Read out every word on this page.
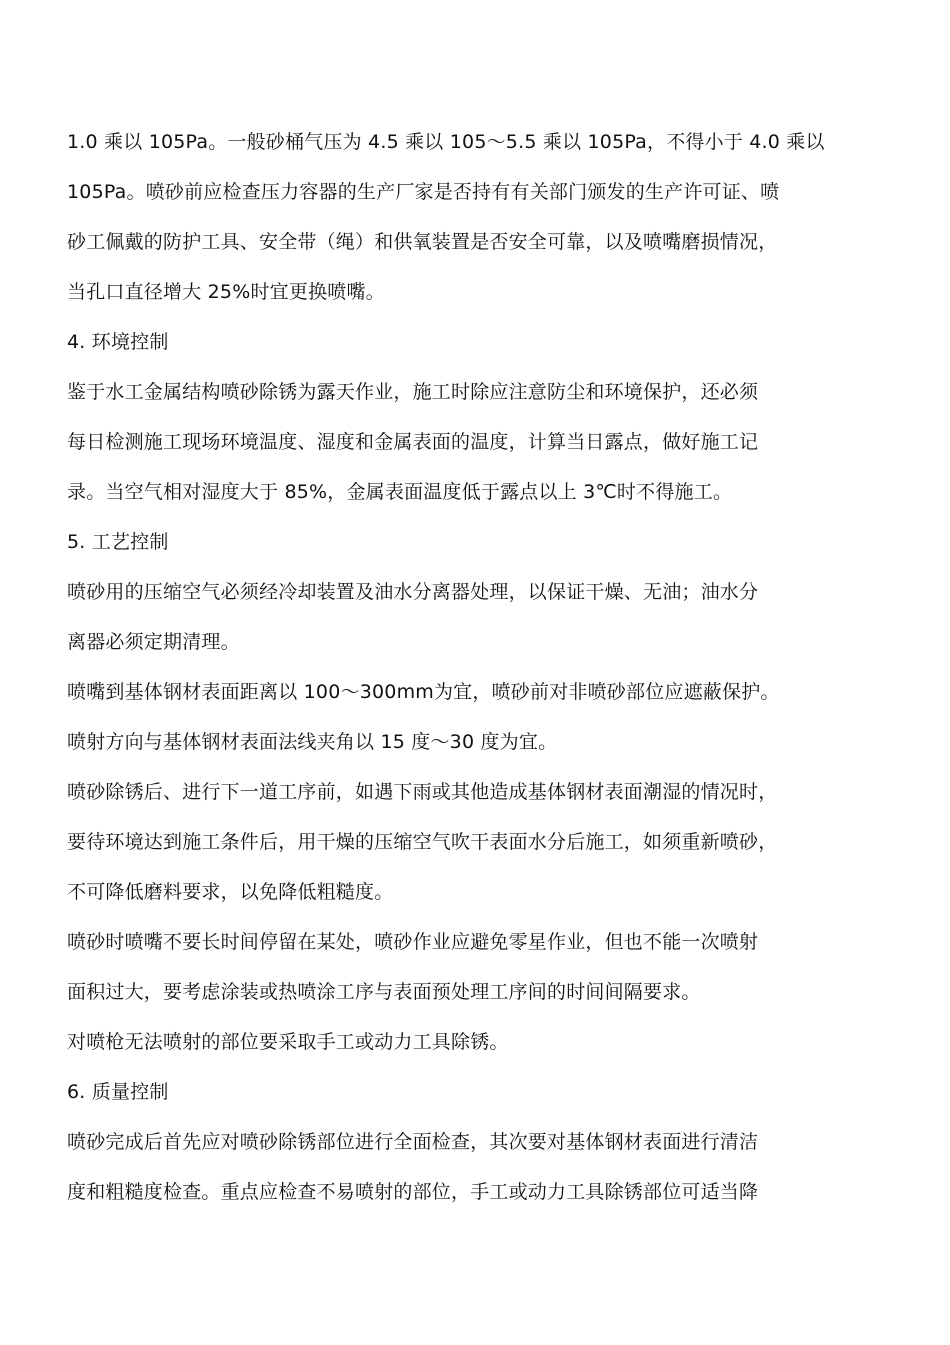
1.0 乘以 105Pa。一般砂桶气压为 4.5 乘以 105～5.5 乘以 105Pa，不得小于 4.0 乘以
105Pa。喷砂前应检查压力容器的生产厂家是否持有有关部门颁发的生产许可证、喷
砂工佩戴的防护工具、安全带（绳）和供氧装置是否安全可靠，以及喷嘴磨损情况，
当孔口直径增大 25%时宜更换喷嘴。
4. 环境控制
鉴于水工金属结构喷砂除锈为露天作业，施工时除应注意防尘和环境保护，还必须
每日检测施工现场环境温度、湿度和金属表面的温度，计算当日露点，做好施工记
录。当空气相对湿度大于 85%，金属表面温度低于露点以上 3℃时不得施工。
5. 工艺控制
喷砂用的压缩空气必须经冷却装置及油水分离器处理，以保证干燥、无油；油水分
离器必须定期清理。
喷嘴到基体钢材表面距离以 100～300mm为宜，喷砂前对非喷砂部位应遮蔽保护。
喷射方向与基体钢材表面法线夹角以 15 度～30 度为宜。
喷砂除锈后、进行下一道工序前，如遇下雨或其他造成基体钢材表面潮湿的情况时，
要待环境达到施工条件后，用干燥的压缩空气吹干表面水分后施工，如须重新喷砂，
不可降低磨料要求，以免降低粗糙度。
喷砂时喷嘴不要长时间停留在某处，喷砂作业应避免零星作业，但也不能一次喷射
面积过大，要考虑涂装或热喷涂工序与表面预处理工序间的时间间隔要求。
对喷枪无法喷射的部位要采取手工或动力工具除锈。
6. 质量控制
喷砂完成后首先应对喷砂除锈部位进行全面检查，其次要对基体钢材表面进行清洁
度和粗糙度检查。重点应检查不易喷射的部位，手工或动力工具除锈部位可适当降
